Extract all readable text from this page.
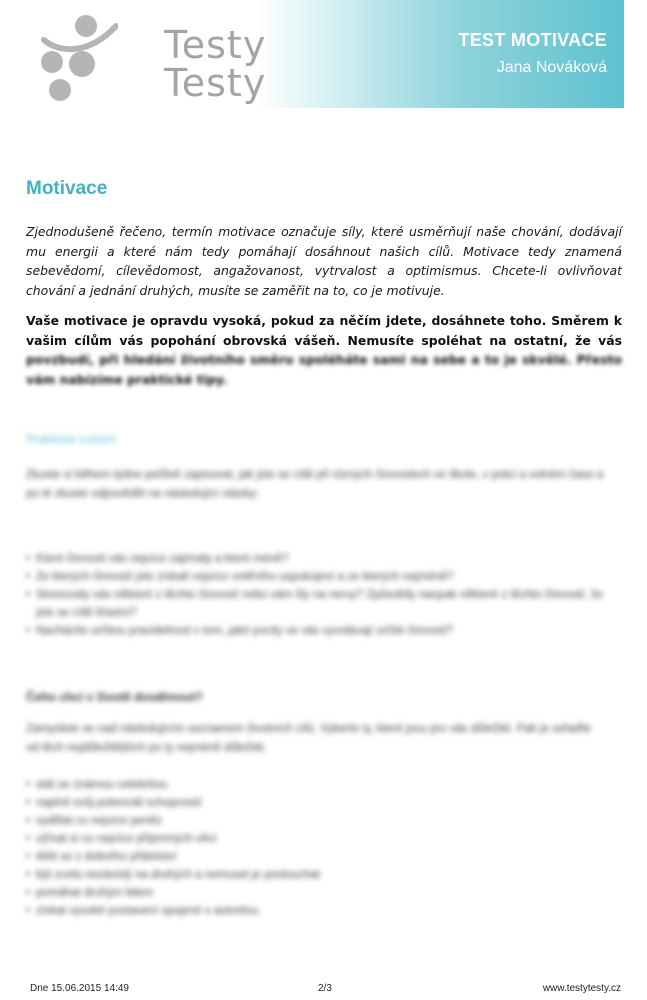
Testy
Testy
TEST MOTIVACE
Jana Nováková
Motivace

Zjednodušeně řečeno, termín motivace označuje síly, které usměrňují naše chování, dodávají mu energii a které nám tedy pomáhají dosáhnout našich cílů. Motivace tedy znamená sebevědomí, cílevědomost, angažovanost, vytrvalost a optimismus. Chcete-li ovlivňovat chování a jednání druhých, musíte se zaměřit na to, co je motivuje.

Vaše motivace je opravdu vysoká, pokud za něčím jdete, dosáhnete toho. Směrem k vašim cílům vás popohání obrovská vášeň. Nemusíte spoléhat na ostatní, že vás povzbudí, při hledání životního směru spoléháte sami na sebe a to je skvělé. Přesto vám nabízíme praktické tipy.

Praktická cvičení

Zkuste si během týdne pečlivě zapisovat, jak jste se cítili při různých činnostech ve škole, v práci a volném čase a po té zkuste odpovědět na následující otázky:

• Které činnosti vás nejvíce zajímaly a které méně?
• Ze kterých činností jste získali nejvíce vnitřního uspokojení a ze kterých nejméně?
• Stresovaly vás některé z těchto činností nebo vám šly na nervy? Způsobily naopak některé z těchto činností, že jste se cítili šťastní?
• Nacházíte určitou pravidelnost v tom, jaké pocity ve vás vyvolávají určité činnosti?
Čeho chci v životě dosáhnout?

Zamyslete se nad následujícím seznamem životních cílů. Vyberte ty, které jsou pro vás důležité. Pak je seřaďte od těch nejdůležitějších po ty nejméně důležité.

• stát se známou celebritou
• naplnit svůj potenciál schopností
• vydělat co nejvíce peněz
• užívat si co nejvíce příjemných věcí
• těšit se z dobrého přátelství
• být zcela nezávislý na druhých a nemuset je poslouchat
• pomáhat druhým lidem
• získat vysoké postavení spojené s autoritou
Dne 15.06.2015 14:49	2/3	www.testytesty.cz
